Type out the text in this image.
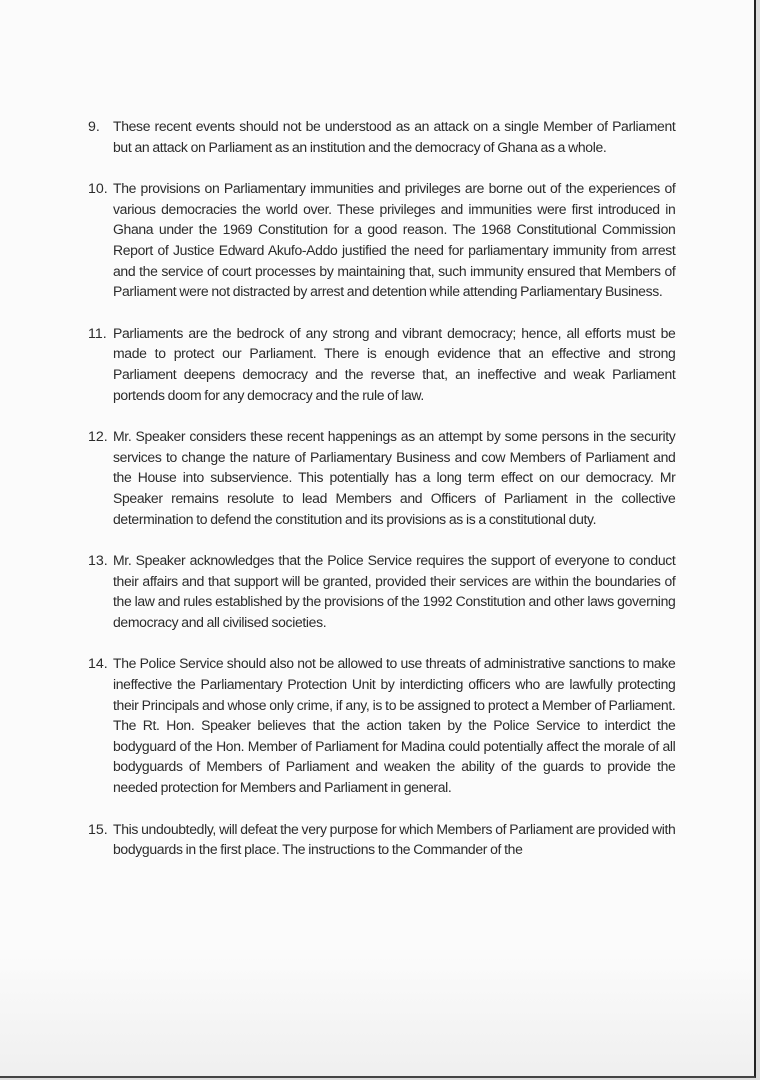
9. These recent events should not be understood as an attack on a single Member of Parliament but an attack on Parliament as an institution and the democracy of Ghana as a whole.
10. The provisions on Parliamentary immunities and privileges are borne out of the experiences of various democracies the world over. These privileges and immunities were first introduced in Ghana under the 1969 Constitution for a good reason. The 1968 Constitutional Commission Report of Justice Edward Akufo-Addo justified the need for parliamentary immunity from arrest and the service of court processes by maintaining that, such immunity ensured that Members of Parliament were not distracted by arrest and detention while attending Parliamentary Business.
11. Parliaments are the bedrock of any strong and vibrant democracy; hence, all efforts must be made to protect our Parliament. There is enough evidence that an effective and strong Parliament deepens democracy and the reverse that, an ineffective and weak Parliament portends doom for any democracy and the rule of law.
12. Mr. Speaker considers these recent happenings as an attempt by some persons in the security services to change the nature of Parliamentary Business and cow Members of Parliament and the House into subservience. This potentially has a long term effect on our democracy. Mr Speaker remains resolute to lead Members and Officers of Parliament in the collective determination to defend the constitution and its provisions as is a constitutional duty.
13. Mr. Speaker acknowledges that the Police Service requires the support of everyone to conduct their affairs and that support will be granted, provided their services are within the boundaries of the law and rules established by the provisions of the 1992 Constitution and other laws governing democracy and all civilised societies.
14. The Police Service should also not be allowed to use threats of administrative sanctions to make ineffective the Parliamentary Protection Unit by interdicting officers who are lawfully protecting their Principals and whose only crime, if any, is to be assigned to protect a Member of Parliament. The Rt. Hon. Speaker believes that the action taken by the Police Service to interdict the bodyguard of the Hon. Member of Parliament for Madina could potentially affect the morale of all bodyguards of Members of Parliament and weaken the ability of the guards to provide the needed protection for Members and Parliament in general.
15. This undoubtedly, will defeat the very purpose for which Members of Parliament are provided with bodyguards in the first place. The instructions to the Commander of the
